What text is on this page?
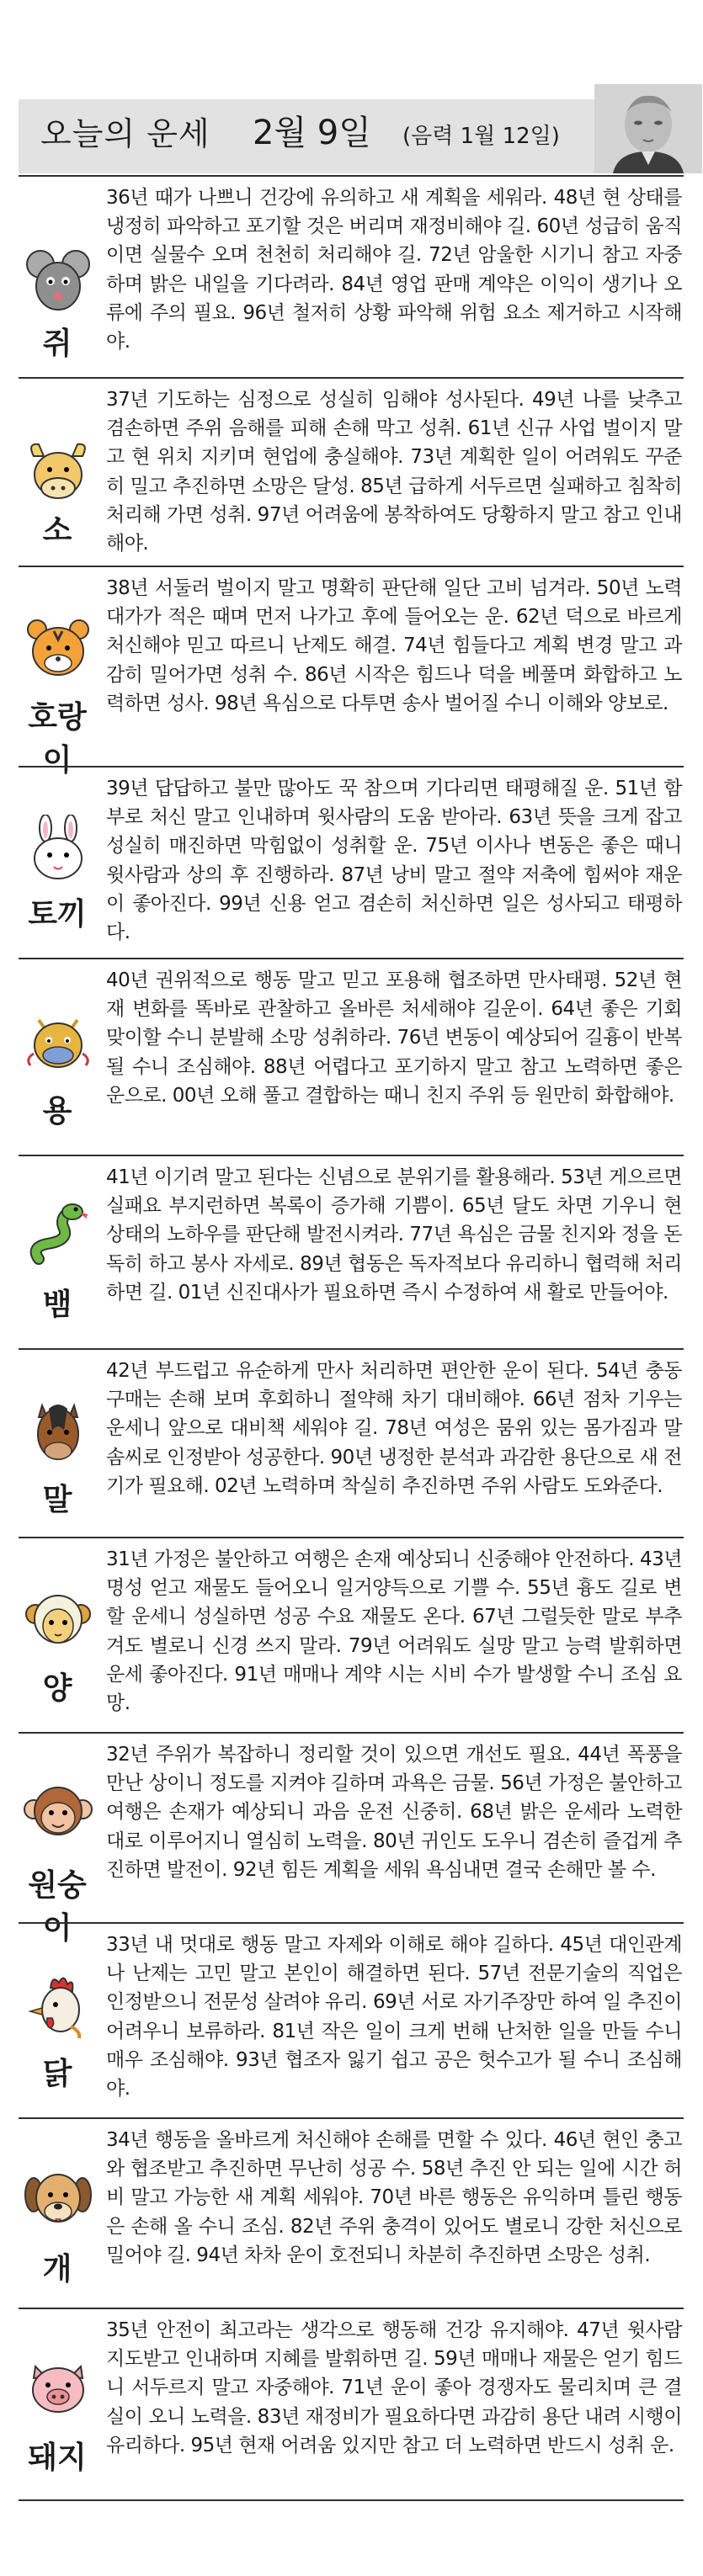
오늘의 운세 2월 9일 (음력 1월 12일)
쥐
36년 때가 나쁘니 건강에 유의하고 새 계획을 세워라. 48년 현 상태를 냉정히 파악하고 포기할 것은 버리며 재정비해야 길. 60년 성급히 움직이면 실물수 오며 천천히 처리해야 길. 72년 암울한 시기니 참고 자중하며 밝은 내일을 기다려라. 84년 영업 판매 계약은 이익이 생기나 오류에 주의 필요. 96년 철저히 상황 파악해 위험 요소 제거하고 시작해야.
소
37년 기도하는 심정으로 성실히 임해야 성사된다. 49년 나를 낮추고 겸손하면 주위 음해를 피해 손해 막고 성취. 61년 신규 사업 벌이지 말고 현 위치 지키며 현업에 충실해야. 73년 계획한 일이 어려워도 꾸준히 밀고 추진하면 소망은 달성. 85년 급하게 서두르면 실패하고 침착히 처리해 가면 성취. 97년 어려움에 봉착하여도 당황하지 말고 참고 인내해야.
호랑이
38년 서둘러 벌이지 말고 명확히 판단해 일단 고비 넘겨라. 50년 노력 대가가 적은 때며 먼저 나가고 후에 들어오는 운. 62년 덕으로 바르게 처신해야 믿고 따르니 난제도 해결. 74년 힘들다고 계획 변경 말고 과감히 밀어가면 성취 수. 86년 시작은 힘드나 덕을 베풀며 화합하고 노력하면 성사. 98년 욕심으로 다투면 송사 벌어질 수니 이해와 양보로.
토끼
39년 답답하고 불만 많아도 꾹 참으며 기다리면 태평해질 운. 51년 함부로 처신 말고 인내하며 윗사람의 도움 받아라. 63년 뜻을 크게 잡고 성실히 매진하면 막힘없이 성취할 운. 75년 이사나 변동은 좋은 때니 윗사람과 상의 후 진행하라. 87년 낭비 말고 절약 저축에 힘써야 재운이 좋아진다. 99년 신용 얻고 겸손히 처신하면 일은 성사되고 태평하다.
용
40년 권위적으로 행동 말고 믿고 포용해 협조하면 만사태평. 52년 현재 변화를 똑바로 관찰하고 올바른 처세해야 길운이. 64년 좋은 기회 맞이할 수니 분발해 소망 성취하라. 76년 변동이 예상되어 길흉이 반복될 수니 조심해야. 88년 어렵다고 포기하지 말고 참고 노력하면 좋은 운으로. 00년 오해 풀고 결합하는 때니 친지 주위 등 원만히 화합해야.
뱀
41년 이기려 말고 된다는 신념으로 분위기를 활용해라. 53년 게으르면 실패요 부지런하면 복록이 증가해 기쁨이. 65년 달도 차면 기우니 현 상태의 노하우를 판단해 발전시켜라. 77년 욕심은 금물 친지와 정을 돈독히 하고 봉사 자세로. 89년 협동은 독자적보다 유리하니 협력해 처리하면 길. 01년 신진대사가 필요하면 즉시 수정하여 새 활로 만들어야.
말
42년 부드럽고 유순하게 만사 처리하면 편안한 운이 된다. 54년 충동구매는 손해 보며 후회하니 절약해 차기 대비해야. 66년 점차 기우는 운세니 앞으로 대비책 세워야 길. 78년 여성은 뭄위 있는 몸가짐과 말솜씨로 인정받아 성공한다. 90년 냉정한 분석과 과감한 용단으로 새 전기가 필요해. 02년 노력하며 착실히 추진하면 주위 사람도 도와준다.
양
31년 가정은 불안하고 여행은 손재 예상되니 신중해야 안전하다. 43년 명성 얻고 재물도 들어오니 일거양득으로 기쁠 수. 55년 흉도 길로 변할 운세니 성실하면 성공 수요 재물도 온다. 67년 그럴듯한 말로 부추겨도 별로니 신경 쓰지 말라. 79년 어려워도 실망 말고 능력 발휘하면 운세 좋아진다. 91년 매매나 계약 시는 시비 수가 발생할 수니 조심 요망.
원숭이
32년 주위가 복잡하니 정리할 것이 있으면 개선도 필요. 44년 폭풍을 만난 상이니 정도를 지켜야 길하며 과욕은 금물. 56년 가정은 불안하고 여행은 손재가 예상되니 과음 운전 신중히. 68년 밝은 운세라 노력한 대로 이루어지니 열심히 노력을. 80년 귀인도 도우니 겸손히 즐겁게 추진하면 발전이. 92년 힘든 계획을 세워 욕심내면 결국 손해만 볼 수.
닭
33년 내 멋대로 행동 말고 자제와 이해로 해야 길하다. 45년 대인관계나 난제는 고민 말고 본인이 해결하면 된다. 57년 전문기술의 직업은 인정받으니 전문성 살려야 유리. 69년 서로 자기주장만 하여 일 추진이 어려우니 보류하라. 81년 작은 일이 크게 번해 난처한 일을 만들 수니 매우 조심해야. 93년 협조자 잃기 쉽고 공은 헛수고가 될 수니 조심해야.
개
34년 행동을 올바르게 처신해야 손해를 면할 수 있다. 46년 현인 충고와 협조받고 추진하면 무난히 성공 수. 58년 추진 안 되는 일에 시간 허비 말고 가능한 새 계획 세워야. 70년 바른 행동은 유익하며 틀린 행동은 손해 올 수니 조심. 82년 주위 충격이 있어도 별로니 강한 처신으로 밀어야 길. 94년 차차 운이 호전되니 차분히 추진하면 소망은 성취.
돼지
35년 안전이 최고라는 생각으로 행동해 건강 유지해야. 47년 윗사람 지도받고 인내하며 지혜를 발휘하면 길. 59년 매매나 재물은 얻기 힘드니 서두르지 말고 자중해야. 71년 운이 좋아 경쟁자도 물리치며 큰 결실이 오니 노력을. 83년 재정비가 필요하다면 과감히 용단 내려 시행이 유리하다. 95년 현재 어려움 있지만 참고 더 노력하면 반드시 성취 운.
